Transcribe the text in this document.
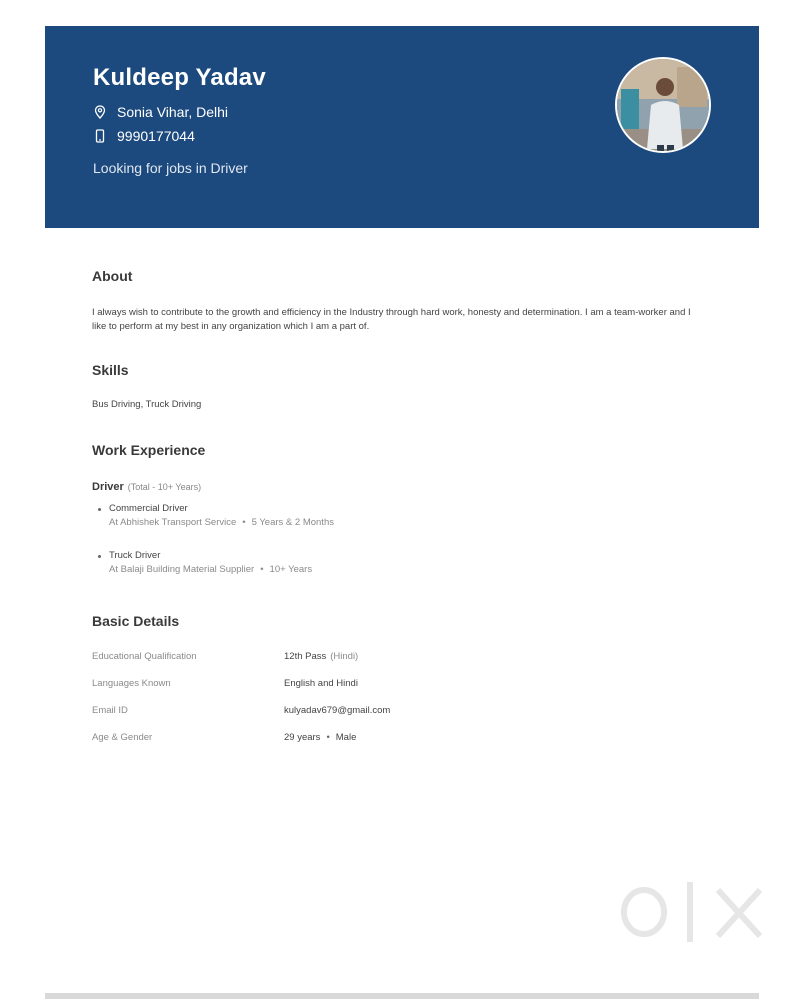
Kuldeep Yadav
Sonia Vihar, Delhi
9990177044
Looking for jobs in Driver
About
I always wish to contribute to the growth and efficiency in the Industry through hard work, honesty and determination. I am a team-worker and I like to perform at my best in any organization which I am a part of.
Skills
Bus Driving, Truck Driving
Work Experience
Driver (Total - 10+ Years)
Commercial Driver
At Abhishek Transport Service • 5 Years & 2 Months
Truck Driver
At Balaji Building Material Supplier • 10+ Years
Basic Details
Educational Qualification	12th Pass (Hindi)
Languages Known	English and Hindi
Email ID	kulyadav679@gmail.com
Age & Gender	29 years • Male
